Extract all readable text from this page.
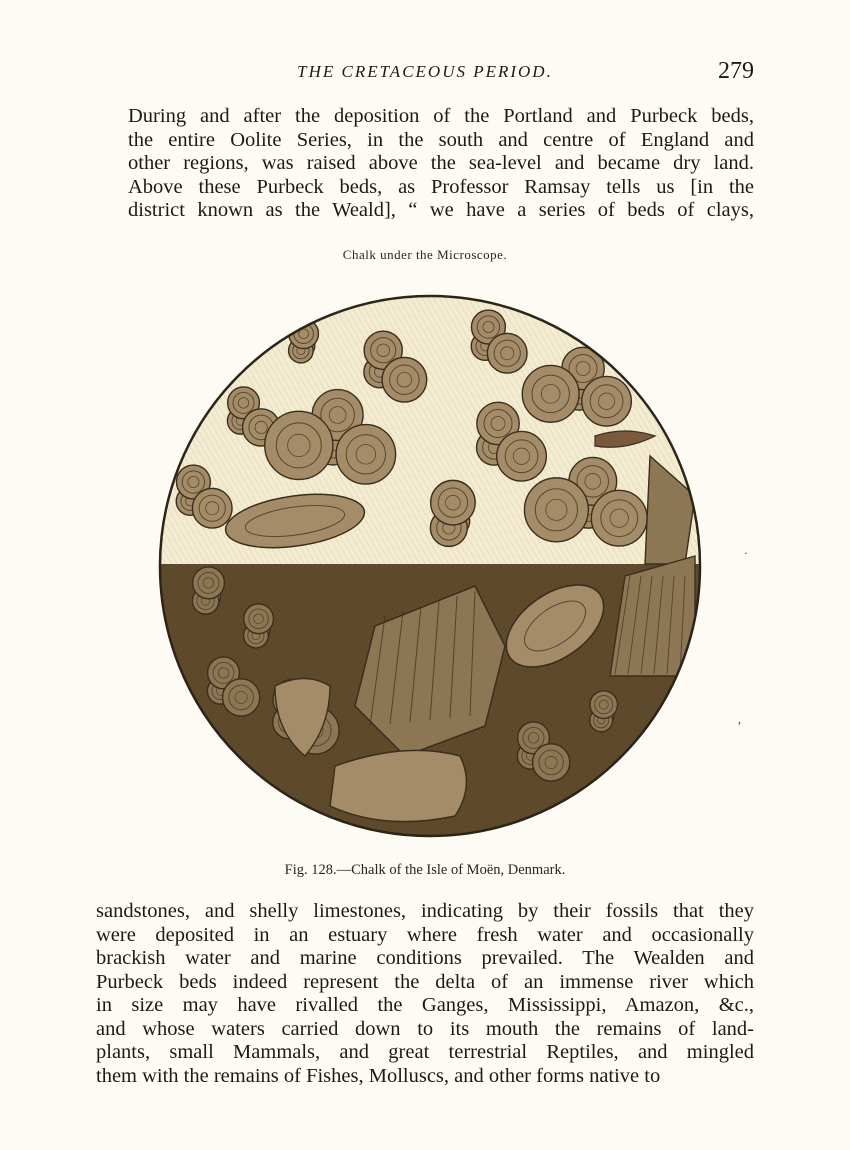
THE CRETACEOUS PERIOD.	279
During and after the deposition of the Portland and Purbeck beds,
the entire Oolite Series, in the south and centre of England and
other regions, was raised above the sea-level and became dry land.
Above these Purbeck beds, as Professor Ramsay tells us [in the
district known as the Weald], “ we have a series of beds of clays,
Chalk under the Microscope.
Fig. 128.—Chalk of the Isle of Moën, Denmark.
sandstones, and shelly limestones, indicating by their fossils that they
were deposited in an estuary where fresh water and occasionally
brackish water and marine conditions prevailed. The Wealden and
Purbeck beds indeed represent the delta of an immense river which
in size may have rivalled the Ganges, Mississippi, Amazon, &c.,
and whose waters carried down to its mouth the remains of land-
plants, small Mammals, and great terrestrial Reptiles, and mingled
them with the remains of Fishes, Molluscs, and other forms native to
·
,
